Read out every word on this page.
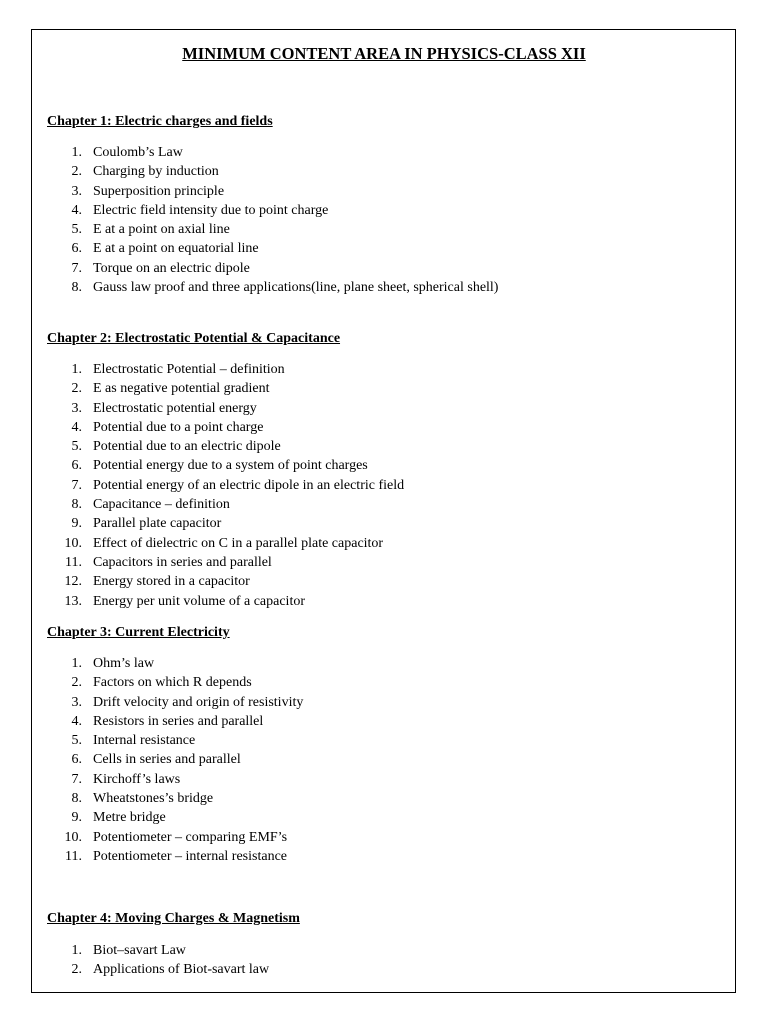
MINIMUM CONTENT AREA IN PHYSICS-CLASS XII
Chapter 1: Electric charges and fields
1. Coulomb’s Law
2. Charging by induction
3. Superposition principle
4. Electric field intensity due to point charge
5. E at a point on axial line
6. E at a point on equatorial line
7. Torque on an electric dipole
8. Gauss law proof and three applications(line, plane sheet, spherical shell)
Chapter 2: Electrostatic Potential & Capacitance
1. Electrostatic Potential – definition
2. E as negative potential gradient
3. Electrostatic potential energy
4. Potential due to a point charge
5. Potential due to an electric dipole
6. Potential energy due to a system of point charges
7. Potential energy of an electric dipole in an electric field
8. Capacitance – definition
9. Parallel plate capacitor
10. Effect of dielectric on C in a parallel plate capacitor
11. Capacitors in series and parallel
12. Energy stored in a capacitor
13. Energy per unit volume of a capacitor
Chapter 3: Current Electricity
1. Ohm’s law
2. Factors on which R depends
3. Drift velocity and origin of resistivity
4. Resistors in series and parallel
5. Internal resistance
6. Cells in series and parallel
7. Kirchoff’s laws
8. Wheatstones’s bridge
9. Metre bridge
10. Potentiometer – comparing EMF’s
11. Potentiometer – internal resistance
Chapter 4: Moving Charges & Magnetism
1. Biot–savart Law
2. Applications of Biot-savart law
